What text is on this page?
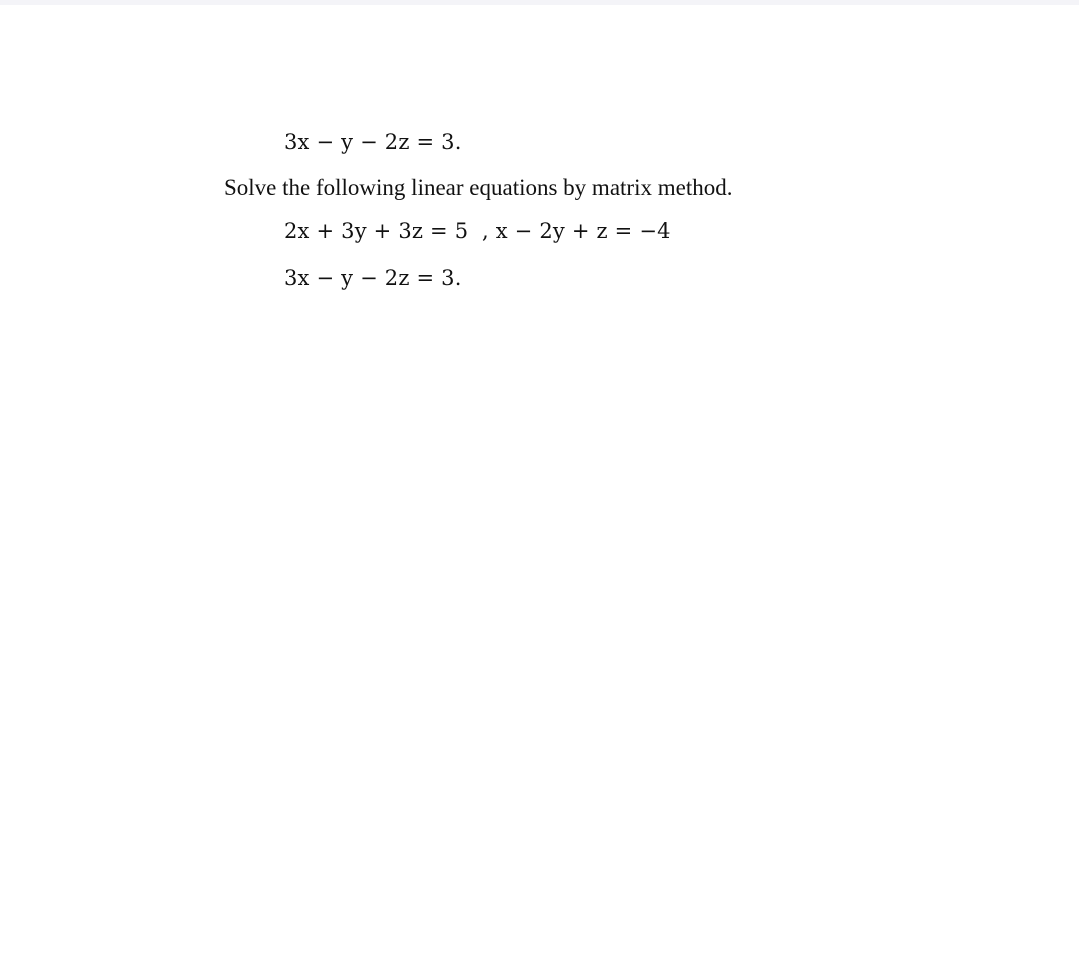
3x − y − 2z = 3.
Solve the following linear equations by matrix method.
2x + 3y + 3z = 5  , x − 2y + z = −4
3x − y − 2z = 3.
